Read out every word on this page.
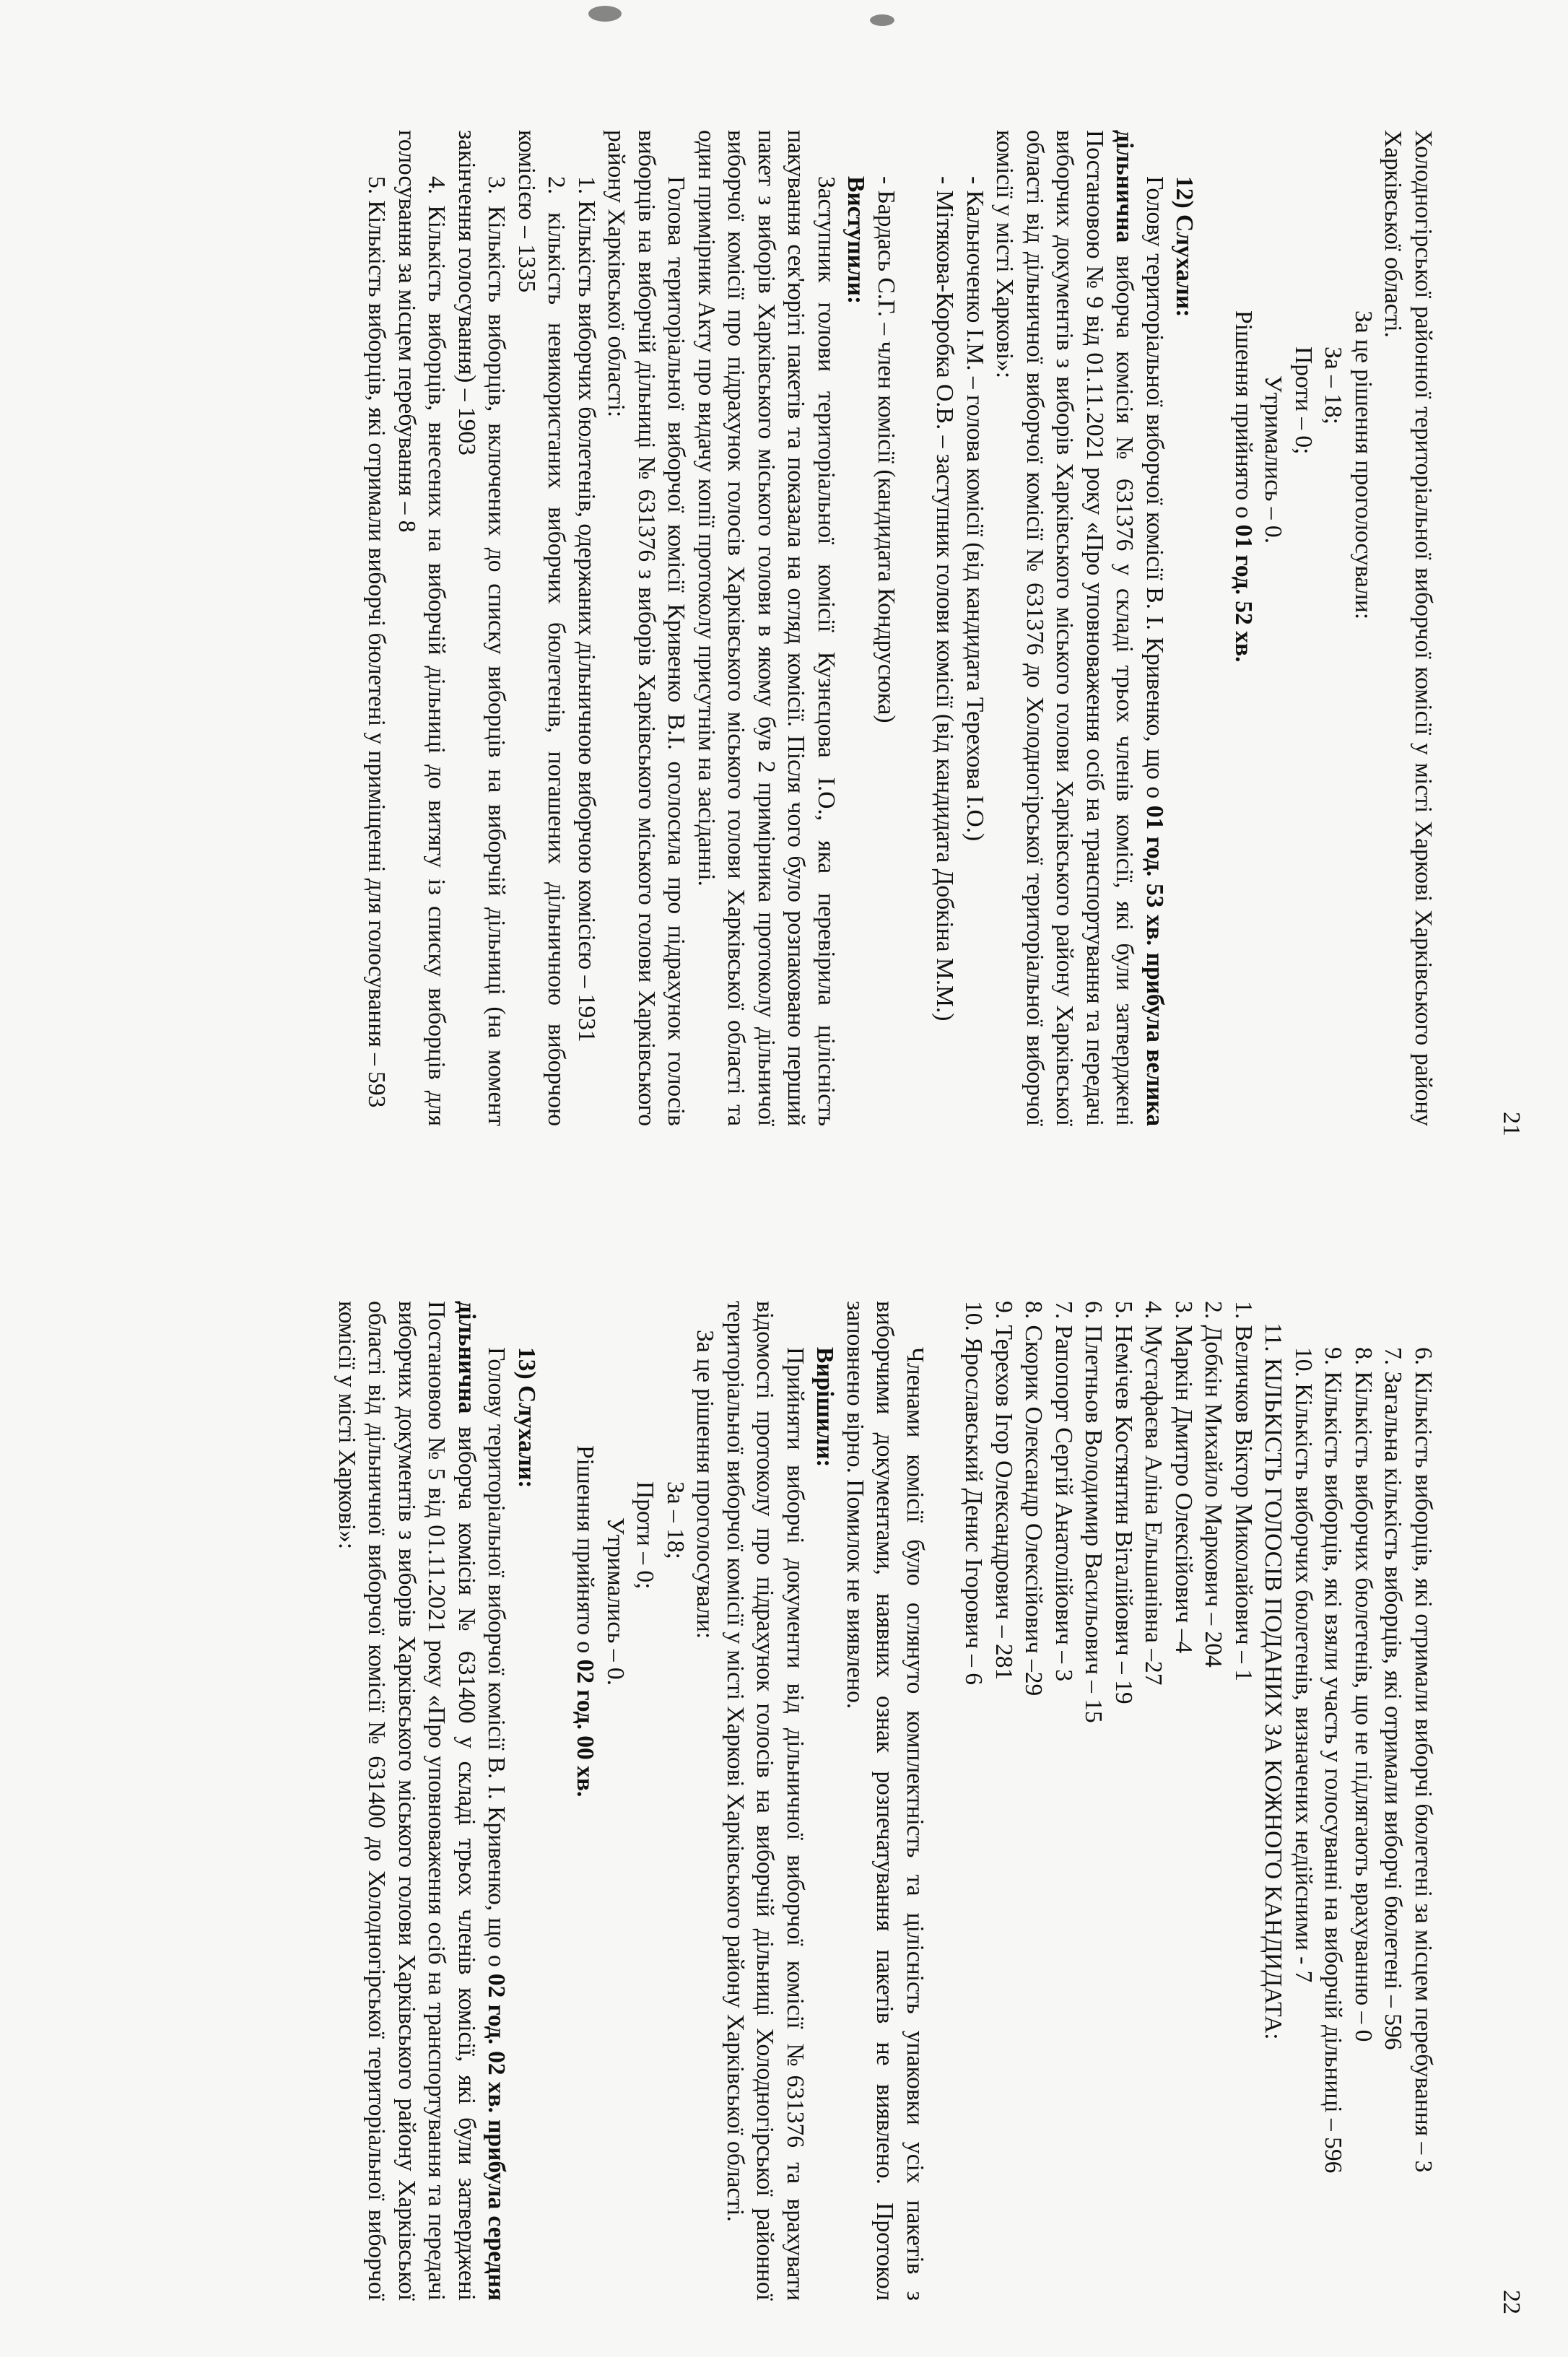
21

Холодногірської районної територіальної виборчої комісії у місті Харкові Харківського району Харківської області.

За це рішення проголосували:

За – 18;

Проти – 0;

Утримались – 0.

Рішення прийнято о 01 год. 52 хв.

12) Слухали:

Голову територіальної виборчої комісії В. І. Кривенко, що о 01 год. 53 хв. прибула велика дільнична виборча комісія № 631376 у складі трьох членів комісії, які були затверджені Постановою № 9 від 01.11.2021 року «Про уповноваження осіб на транспортування та передачі виборчих документів з виборів Харківського міського голови Харківського району Харківської області від дільничної виборчої комісії № 631376 до Холодногірської територіальної виборчої комісії у місті Харкові»:

- Кальноченко І.М. – голова комісії (від кандидата Терехова І.О.)

- Мітякова-Коробка О.В. – заступник голови комісії (від кандидата Добкіна М.М.)

- Бардась С.Г. – член комісії (кандидата Кондрусюка)

Виступили:

Заступник голови територіальної комісії Кузнєцова І.О., яка перевірила цілісність пакування сек'юріті пакетів та показала на огляд комісії. Після чого було розпаковано перший пакет з виборів Харківського міського голови в якому був 2 примірника протоколу дільничої виборчої комісії про підрахунок голосів Харківського міського голови Харківської області та один примірник Акту про видачу копії протоколу присутнім на засіданні.

Голова територіальної виборчої комісії Кривенко В.І. оголосила про підрахунок голосів виборців на виборчій дільниці № 631376 з виборів Харківського міського голови Харківського району Харківської області:

1. Кількість виборчих бюлетенів, одержаних дільничною виборчою комісією – 1931

2. кількість невикористаних виборчих бюлетенів, погашених дільничною виборчою комісією – 1335

3. Кількість виборців, включених до списку виборців на виборчій дільниці (на момент закінчення голосування) – 1903

4. Кількість виборців, внесених на виборчій дільниці до витягу із списку виборців для голосування за місцем перебування – 8

5. Кількість виборців, які отримали виборчі бюлетені у приміщенні для голосування – 593

22

6. Кількість виборців, які отримали виборчі бюлетені за місцем перебування – 3

7. Загальна кількість виборців, які отримали виборчі бюлетені – 596

8. Кількість виборчих бюлетенів, що не підлягають врахуванню – 0

9. Кількість виборців, які взяли участь у голосуванні на виборчій дільниці – 596

10. Кількість виборчих бюлетенів, визначених недійсними - 7

11. КІЛЬКІСТЬ ГОЛОСІВ ПОДАНИХ ЗА КОЖНОГО КАНДИДАТА:

1. Величков Віктор Миколайович – 1

2. Добкін Михайло Маркович – 204

3. Маркін Дмитро Олексійович –4

4. Мустафаєва Аліна Ельшанівна –27

5. Немічев Костянтин Віталійович – 19

6. Плетньов Володимир Васильович – 15

7. Рапопорт Сергій Анатолійович – 3

8. Скорик Олександр Олексійович –29

9. Терехов Ігор Олександрович – 281

10. Ярославський Денис Ігорович – 6

Членами комісії було оглянуто комплектність та цілісність упаковки усіх пакетів з виборчими документами, наявних ознак розпечатування пакетів не виявлено. Протокол заповнено вірно. Помилок не виявлено.

Вирішили:

Прийняти виборчі документи від дільничної виборчої комісії №631376 та врахувати відомості протоколу про підрахунок голосів на виборчій дільниці Холодногірської районної територіальної виборчої комісії у місті Харкові Харківського району Харківської області.

За це рішення проголосували:

За – 18;

Проти – 0;

Утримались – 0.

Рішення прийнято о 02 год. 00 хв.

13) Слухали:

Голову територіальної виборчої комісії В. І. Кривенко, що о 02 год. 02 хв. прибула середня дільнична виборча комісія № 631400 у складі трьох членів комісії, які були затверджені Постановою № 5 від 01.11.2021 року «Про уповноваження осіб на транспортування та передачі виборчих документів з виборів Харківського міського голови Харківського району Харківської області від дільничної виборчої комісії № 631400 до Холодногірської територіальної виборчої комісії у місті Харкові»:
